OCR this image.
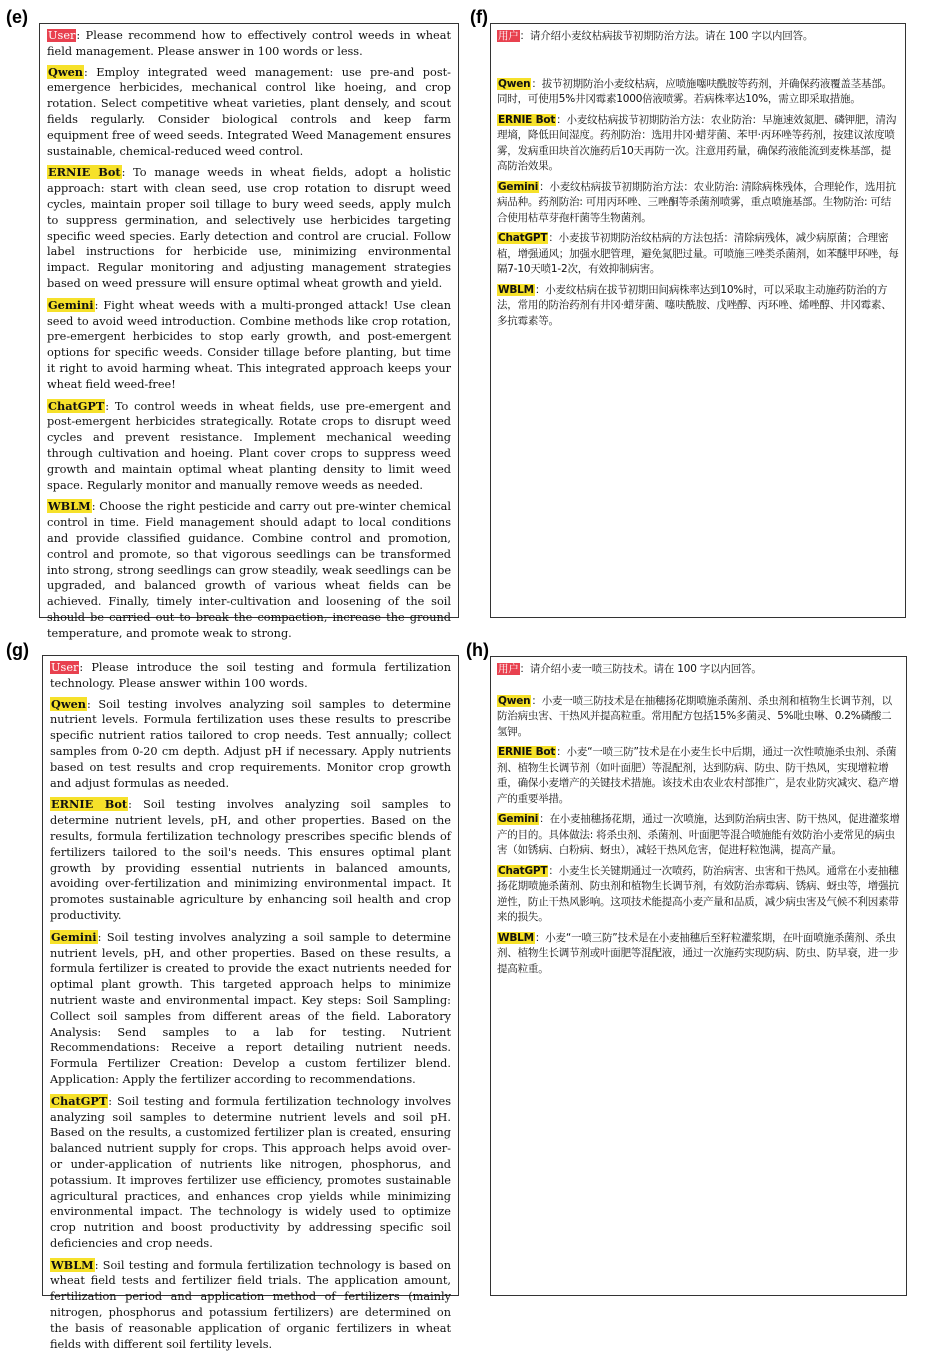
(e)	(f)
(g)	(h)

User: Please recommend how to effectively control weeds in wheat field management. Please answer in 100 words or less.

Qwen: Employ integrated weed management: use pre-and post-emergence herbicides, mechanical control like hoeing, and crop rotation. Select competitive wheat varieties, plant densely, and scout fields regularly. Consider biological controls and keep farm equipment free of weed seeds. Integrated Weed Management ensures sustainable, chemical-reduced weed control.

ERNIE Bot: To manage weeds in wheat fields, adopt a holistic approach: start with clean seed, use crop rotation to disrupt weed cycles, maintain proper soil tillage to bury weed seeds, apply mulch to suppress germination, and selectively use herbicides targeting specific weed species. Early detection and control are crucial. Follow label instructions for herbicide use, minimizing environmental impact. Regular monitoring and adjusting management strategies based on weed pressure will ensure optimal wheat growth and yield.

Gemini: Fight wheat weeds with a multi-pronged attack! Use clean seed to avoid weed introduction. Combine methods like crop rotation, pre-emergent herbicides to stop early growth, and post-emergent options for specific weeds. Consider tillage before planting, but time it right to avoid harming wheat. This integrated approach keeps your wheat field weed-free!

ChatGPT: To control weeds in wheat fields, use pre-emergent and post-emergent herbicides strategically. Rotate crops to disrupt weed cycles and prevent resistance. Implement mechanical weeding through cultivation and hoeing. Plant cover crops to suppress weed growth and maintain optimal wheat planting density to limit weed space. Regularly monitor and manually remove weeds as needed.

WBLM: Choose the right pesticide and carry out pre-winter chemical control in time. Field management should adapt to local conditions and provide classified guidance. Combine control and promotion, control and promote, so that vigorous seedlings can be transformed into strong, strong seedlings can grow steadily, weak seedlings can be upgraded, and balanced growth of various wheat fields can be achieved. Finally, timely inter-cultivation and loosening of the soil should be carried out to break the compaction, increase the ground temperature, and promote weak to strong.

用户：请介绍小麦纹枯病拔节初期防治方法。请在 100 字以内回答。

Qwen：拔节初期防治小麦纹枯病，应喷施噻呋酰胺等药剂，并确保药液覆盖茎基部。同时，可使用5%井冈霉素1000倍液喷雾。若病株率达10%，需立即采取措施。

ERNIE Bot：小麦纹枯病拔节初期防治方法：农业防治：早施速效氮肥、磷钾肥，清沟理墒，降低田间湿度。药剂防治：选用井冈·蜡芽菌、苯甲·丙环唑等药剂，按建议浓度喷雾，发病重田块首次施药后10天再防一次。注意用药量，确保药液能流到麦株基部，提高防治效果。

Gemini：小麦纹枯病拔节初期防治方法：农业防治: 清除病株残体，合理轮作，选用抗病品种。药剂防治: 可用丙环唑、三唑酮等杀菌剂喷雾，重点喷施基部。生物防治: 可结合使用枯草芽孢杆菌等生物菌剂。

ChatGPT：小麦拔节初期防治纹枯病的方法包括：清除病残体，减少病原菌；合理密植，增强通风；加强水肥管理，避免氮肥过量。可喷施三唑类杀菌剂，如苯醚甲环唑，每隔7-10天喷1-2次，有效抑制病害。

WBLM：小麦纹枯病在拔节初期田间病株率达到10%时，可以采取主动施药防治的方法，常用的防治药剂有井冈·蜡芽菌、噻呋酰胺、戊唑醇、丙环唑、烯唑醇、井冈霉素、多抗霉素等。

User: Please introduce the soil testing and formula fertilization technology. Please answer within 100 words.

Qwen: Soil testing involves analyzing soil samples to determine nutrient levels. Formula fertilization uses these results to prescribe specific nutrient ratios tailored to crop needs. Test annually; collect samples from 0-20 cm depth. Adjust pH if necessary. Apply nutrients based on test results and crop requirements. Monitor crop growth and adjust formulas as needed.

ERNIE Bot: Soil testing involves analyzing soil samples to determine nutrient levels, pH, and other properties. Based on the results, formula fertilization technology prescribes specific blends of fertilizers tailored to the soil's needs. This ensures optimal plant growth by providing essential nutrients in balanced amounts, avoiding over-fertilization and minimizing environmental impact. It promotes sustainable agriculture by enhancing soil health and crop productivity.

Gemini: Soil testing involves analyzing a soil sample to determine nutrient levels, pH, and other properties. Based on these results, a formula fertilizer is created to provide the exact nutrients needed for optimal plant growth. This targeted approach helps to minimize nutrient waste and environmental impact. Key steps: Soil Sampling: Collect soil samples from different areas of the field. Laboratory Analysis: Send samples to a lab for testing. Nutrient Recommendations: Receive a report detailing nutrient needs. Formula Fertilizer Creation: Develop a custom fertilizer blend. Application: Apply the fertilizer according to recommendations.

ChatGPT: Soil testing and formula fertilization technology involves analyzing soil samples to determine nutrient levels and soil pH. Based on the results, a customized fertilizer plan is created, ensuring balanced nutrient supply for crops. This approach helps avoid over- or under-application of nutrients like nitrogen, phosphorus, and potassium. It improves fertilizer use efficiency, promotes sustainable agricultural practices, and enhances crop yields while minimizing environmental impact. The technology is widely used to optimize crop nutrition and boost productivity by addressing specific soil deficiencies and crop needs.

WBLM: Soil testing and formula fertilization technology is based on wheat field tests and fertilizer field trials. The application amount, fertilization period and application method of fertilizers (mainly nitrogen, phosphorus and potassium fertilizers) are determined on the basis of reasonable application of organic fertilizers in wheat fields with different soil fertility levels.

用户：请介绍小麦一喷三防技术。请在 100 字以内回答。

Qwen：小麦一喷三防技术是在抽穗扬花期喷施杀菌剂、杀虫剂和植物生长调节剂，以防治病虫害、干热风并提高粒重。常用配方包括15%多菌灵、5%吡虫啉、0.2%磷酸二氢钾。

ERNIE Bot：小麦“一喷三防”技术是在小麦生长中后期，通过一次性喷施杀虫剂、杀菌剂、植物生长调节剂（如叶面肥）等混配剂，达到防病、防虫、防干热风，实现增粒增重，确保小麦增产的关键技术措施。该技术由农业农村部推广，是农业防灾减灾、稳产增产的重要举措。

Gemini：在小麦抽穗扬花期，通过一次喷施，达到防治病虫害、防干热风，促进灌浆增产的目的。具体做法: 将杀虫剂、杀菌剂、叶面肥等混合喷施能有效防治小麦常见的病虫害（如锈病、白粉病、蚜虫），减轻干热风危害，促进籽粒饱满，提高产量。

ChatGPT：小麦生长关键期通过一次喷药，防治病害、虫害和干热风。通常在小麦抽穗扬花期喷施杀菌剂、防虫剂和植物生长调节剂，有效防治赤霉病、锈病、蚜虫等，增强抗逆性，防止干热风影响。这项技术能提高小麦产量和品质，减少病虫害及气候不利因素带来的损失。

WBLM：小麦“一喷三防”技术是在小麦抽穗后至籽粒灌浆期，在叶面喷施杀菌剂、杀虫剂、植物生长调节剂或叶面肥等混配液，通过一次施药实现防病、防虫、防早衰，进一步提高粒重。
